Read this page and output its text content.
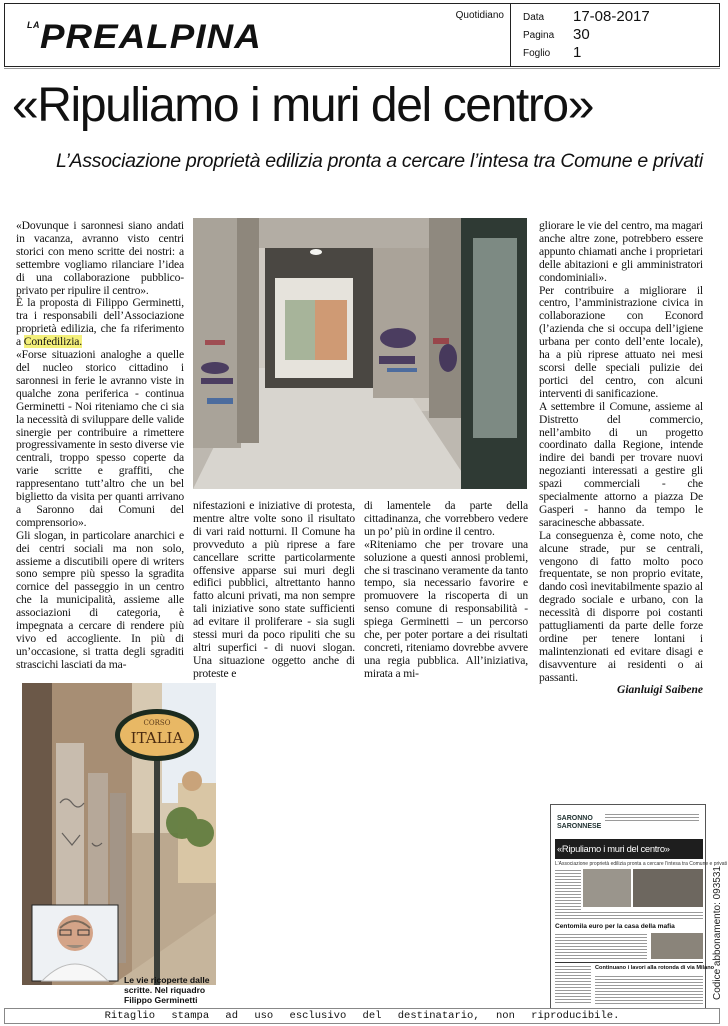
LA PREALPINA
Quotidiano Data 17-08-2017
Pagina 30
Foglio 1
«Ripuliamo i muri del centro»
L’Associazione proprietà edilizia pronta a cercare l’intesa tra Comune e privati

«Dovunque i saronnesi siano andati in vacanza, avranno visto centri storici con meno scritte dei nostri: a settembre vogliamo rilanciare l’idea di una collaborazione pubblico-privato per ripulire il centro».

È la proposta di Filippo Germinetti, tra i responsabili dell’Associazione proprietà edilizia, che fa riferimento a Confedilizia.

«Forse situazioni analoghe a quelle del nucleo storico cittadino i saronnesi in ferie le avranno viste in qualche zona periferica - continua Germinetti - Noi riteniamo che ci sia la necessità di sviluppare delle valide sinergie per contribuire a rimettere progressivamente in sesto diverse vie centrali, troppo spesso coperte da varie scritte e graffiti, che rappresentano tutt’altro che un bel biglietto da visita per quanti arrivano a Saronno dai Comuni del comprensorio».

Gli slogan, in particolare anarchici e dei centri sociali ma non solo, assieme a discutibili opere di writers sono sempre più spesso la sgradita cornice del passeggio in un centro che la municipalità, assieme alle associazioni di categoria, è impegnata a cercare di rendere più vivo ed accogliente. In più di un’occasione, si tratta degli sgraditi strascichi lasciati da ma-

nifestazioni e iniziative di protesta, mentre altre volte sono il risultato di vari raid notturni. Il Comune ha provveduto a più riprese a fare cancellare scritte particolarmente offensive apparse sui muri degli edifici pubblici, altrettanto hanno fatto alcuni privati, ma non sempre tali iniziative sono state sufficienti ad evitare il proliferare - sia sugli stessi muri da poco ripuliti che su altri superfici - di nuovi slogan. Una situazione oggetto anche di proteste e

di lamentele da parte della cittadinanza, che vorrebbero vedere un po’ più in ordine il centro.

«Riteniamo che per trovare una soluzione a questi annosi problemi, che si trascinano veramente da tanto tempo, sia necessario favorire e promuovere la riscoperta di un senso comune di responsabilità - spiega Germinetti – un percorso che, per poter portare a dei risultati concreti, riteniamo dovrebbe avvere una regia pubblica. All’iniziativa, mirata a mi-

gliorare le vie del centro, ma magari anche altre zone, potrebbero essere appunto chiamati anche i proprietari delle abitazioni e gli amministratori condominiali».

Per contribuire a migliorare il centro, l’amministrazione civica in collaborazione con Econord (l’azienda che si occupa dell’igiene urbana per conto dell’ente locale), ha a più riprese attuato nei mesi scorsi delle speciali pulizie dei portici del centro, con alcuni interventi di sanificazione.

A settembre il Comune, assieme al Distretto del commercio, nell’ambito di un progetto coordinato dalla Regione, intende indire dei bandi per trovare nuovi negozianti interessati a gestire gli spazi commerciali - che specialmente attorno a piazza De Gasperi - hanno da tempo le saracinesche abbassate.

La conseguenza è, come noto, che alcune strade, pur se centrali, vengono di fatto molto poco frequentate, se non proprio evitate, dando così inevitabilmente spazio al degrado sociale e urbano, con la necessità di disporre poi costanti pattugliamenti da parte delle forze ordine per tenere lontani i malintenzionati ed evitare disagi e disavventure ai residenti o ai passanti.

Gianluigi Saibene
CORSO
ITALIA
Le vie ricoperte dalle scritte. Nel riquadro Filippo Germinetti
SARONNO
SARONNESE
«Ripuliamo i muri del centro»
L’Associazione proprietà edilizia pronta a cercare l’intesa tra Comune e privati
Centomila euro per la casa della mafia
Continuano i lavori alla rotonda di via Milano
Codice abbonamento: 093531
Ritaglio stampa ad uso esclusivo del destinatario, non riproducibile.
